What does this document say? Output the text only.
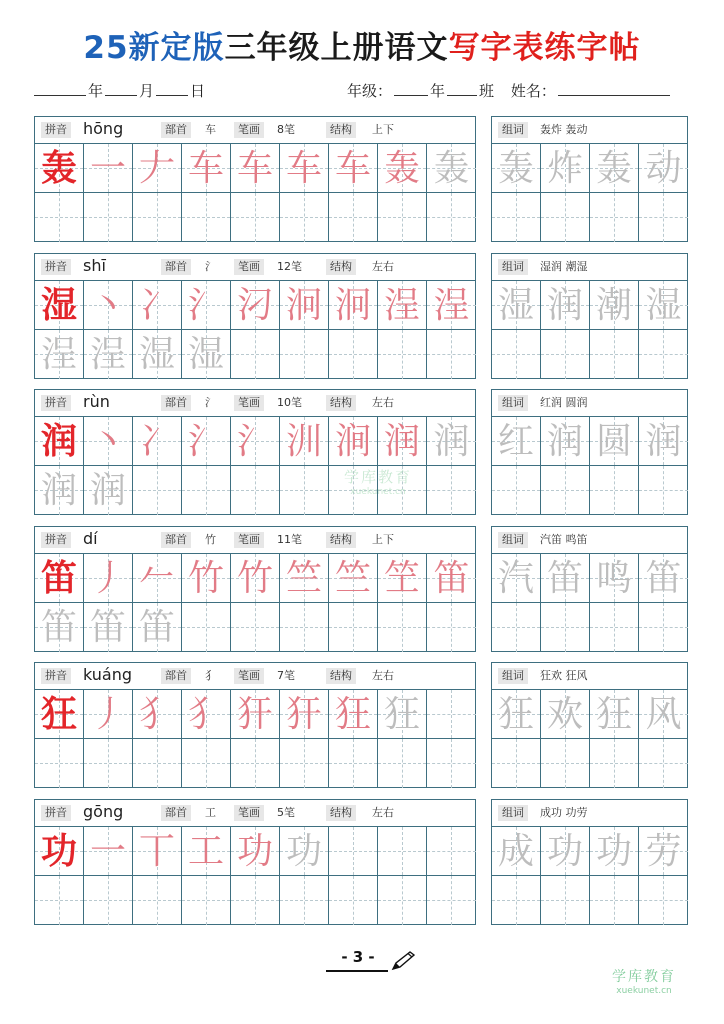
25新定版三年级上册语文写字表练字帖
年 月 日	年级：	年 班 姓名：
拼音 hōng	部首	车	笔画	8笔	结构	上下
轰 一 𠂇 车 车 车 车 轰 轰
组词	轰炸 轰动
轰 炸 轰 动
拼音 shī	部首	氵	笔画	12笔	结构	左右
湿 丶 冫 氵 汈 泂 泂 浧 浧
浧 浧 湿 湿
组词	湿润 潮湿
湿 润 潮 湿
拼音 rùn	部首	氵	笔画	10笔	结构	左右
润 丶 冫 氵 氵 汌 涧 润 润
润 润
组词	红润 圆润
红 润 圆 润
拼音 dí	部首	竹	笔画	11笔	结构	上下
笛 丿 𠂉 竹 竹 竺 竺 笁 笛
笛 笛 笛
组词	汽笛 鸣笛
汽 笛 鸣 笛
拼音 kuáng	部首	犭	笔画	7笔	结构	左右
狂 丿 犭 犭 犴 犴 狂 狂
组词	狂欢 狂风
狂 欢 狂 风
拼音 gōng	部首	工	笔画	5笔	结构	左右
功 一 丅 工 功 功
组词	成功 功劳
成 功 功 劳
学库教育
xuekunet.cn
- 3 -
学库教育
xuekunet.cn
